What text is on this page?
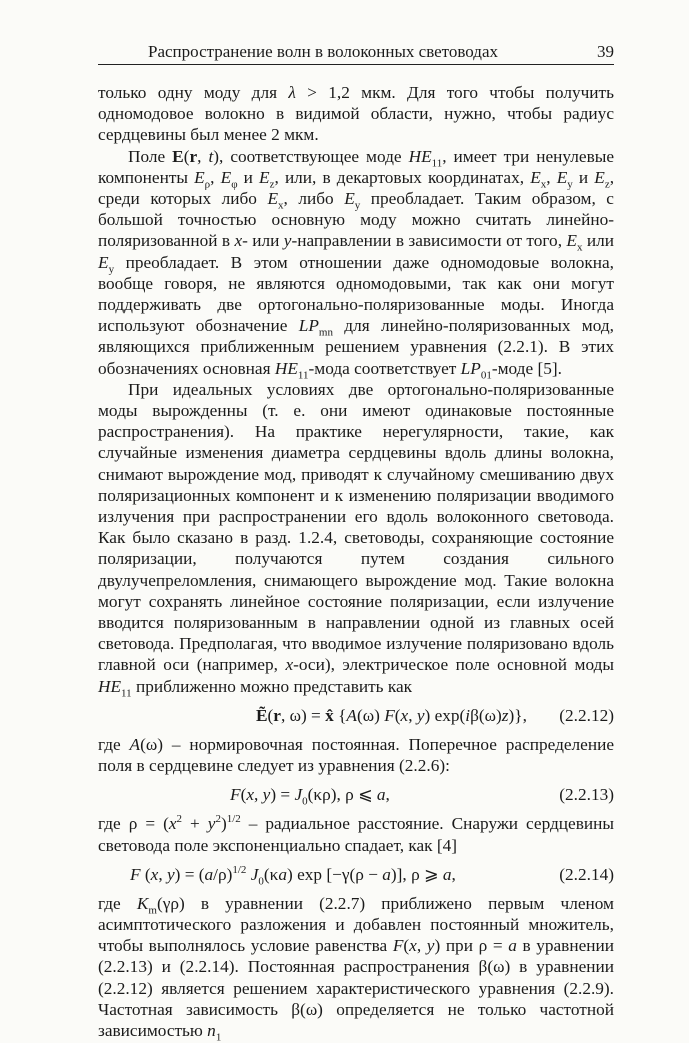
Распространение волн в волоконных световодах	39

только одну моду для λ > 1,2 мкм. Для того чтобы получить одномодовое волокно в видимой области, нужно, чтобы радиус сердцевины был менее 2 мкм.

Поле E(r, t), соответствующее моде $HE_{11}$, имеет три ненулевые компоненты $E_\rho$, $E_\varphi$ и $E_z$, или, в декартовых координатах, $E_x$, $E_y$ и $E_z$, среди которых либо $E_x$, либо $E_y$ преобладает. Таким образом, с большой точностью основную моду можно считать линейно-поляризованной в x- или y-направлении в зависимости от того, $E_x$ или $E_y$ преобладает. В этом отношении даже одномодовые волокна, вообще говоря, не являются одномодовыми, так как они могут поддерживать две ортогонально-поляризованные моды. Иногда используют обозначение $LP_{mn}$ для линейно-поляризованных мод, являющихся приближенным решением уравнения (2.2.1). В этих обозначениях основная $HE_{11}$-мода соответствует $LP_{01}$-моде [5].

При идеальных условиях две ортогонально-поляризованные моды вырожденны (т. е. они имеют одинаковые постоянные распространения). На практике нерегулярности, такие, как случайные изменения диаметра сердцевины вдоль длины волокна, снимают вырождение мод, приводят к случайному смешиванию двух поляризационных компонент и к изменению поляризации вводимого излучения при распространении его вдоль волоконного световода. Как было сказано в разд. 1.2.4, световоды, сохраняющие состояние поляризации, получаются путем создания сильного двулучепреломления, снимающего вырождение мод. Такие волокна могут сохранять линейное состояние поляризации, если излучение вводится поляризованным в направлении одной из главных осей световода. Предполагая, что вводимое излучение поляризовано вдоль главной оси (например, x-оси), электрическое поле основной моды $HE_{11}$ приближенно можно представить как

Ẽ(r, ω) = x̂ {A(ω) F(x, y) exp(iβ(ω)z)}, (2.2.12)

где A(ω) – нормировочная постоянная. Поперечное распределение поля в сердцевине следует из уравнения (2.2.6):

F(x, $y) = J_0(\kappa\rho)$, ρ ⩽ a,	(2.2.13)

где $\rho = (x^2 + y^2)^{1/2}$ – радиальное расстояние. Снаружи сердцевины световода поле экспоненциально спадает, как [4]

F (x, $y) = (a/\rho)^{1/2}$ $J_0(\kappa a)$ exp [−γ(ρ − a)], ρ ⩾ a,	(2.2.14)

где $K_m(\gamma\rho)$ в уравнении (2.2.7) приближено первым членом асимптотического разложения и добавлен постоянный множитель, чтобы выполнялось условие равенства F(x, y) при ρ = a в уравнении (2.2.13) и (2.2.14). Постоянная распространения β(ω) в уравнении (2.2.12) является решением характеристического уравнения (2.2.9). Частотная зависимость β(ω) определяется не только частотной зависимостью $n_1$
